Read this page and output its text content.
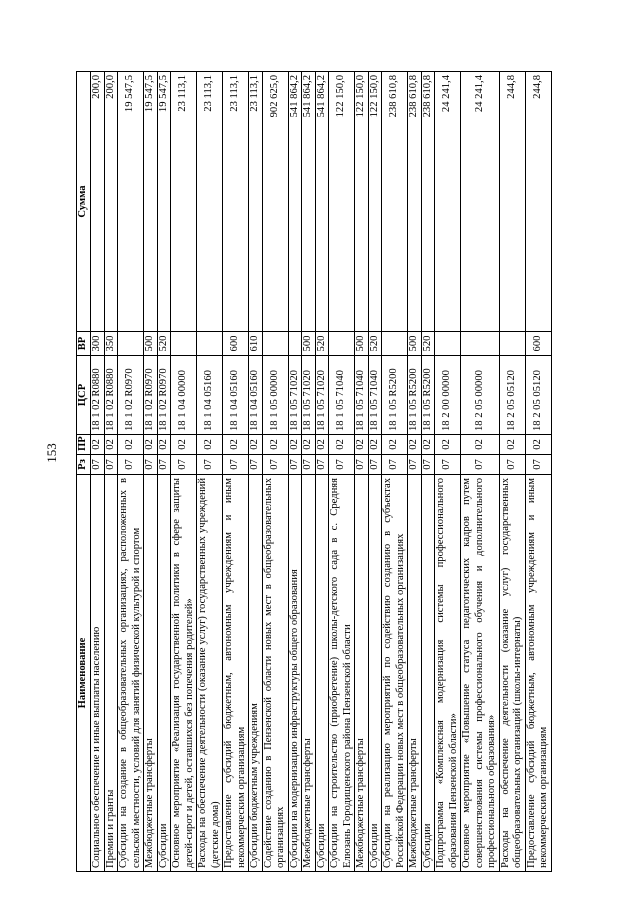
153
Наименование	Рз	ПР	ЦСР	ВР	Сумма
Социальное обеспечение и иные выплаты населению	07	02	18 1 02 R0880	300	200,0
Премии и гранты	07	02	18 1 02 R0880	350	200,0
Субсидии на создание в общеобразовательных организациях, расположенных в сельской местности, условий для занятий физической культурой и спортом	07	02	18 1 02 R0970		19 547,5
Межбюджетные трансферты	07	02	18 1 02 R0970	500	19 547,5
Субсидии	07	02	18 1 02 R0970	520	19 547,5
Основное мероприятие «Реализация государственной политики в сфере защиты детей-сирот и детей, оставшихся без попечения родителей»	07	02	18 1 04 00000		23 113,1
Расходы на обеспечение деятельности (оказание услуг) государственных учреждений (детские дома)	07	02	18 1 04 05160		23 113,1
Предоставление субсидий бюджетным, автономным учреждениям и иным некоммерческим организациям	07	02	18 1 04 05160	600	23 113,1
Субсидии бюджетным учреждениям	07	02	18 1 04 05160	610	23 113,1
Содействие созданию в Пензенской области новых мест в общеобразовательных организациях	07	02	18 1 05 00000		902 625,0
Субсидии на модернизацию инфраструктуры общего образования	07	02	18 1 05 71020		541 864,2
Межбюджетные трансферты	07	02	18 1 05 71020	500	541 864,2
Субсидии	07	02	18 1 05 71020	520	541 864,2
Субсидии на строительство (приобретение) школы-детского сада в с. Средняя Елюзань Городищенского района Пензенской области	07	02	18 1 05 71040		122 150,0
Межбюджетные трансферты	07	02	18 1 05 71040	500	122 150,0
Субсидии	07	02	18 1 05 71040	520	122 150,0
Субсидии на реализацию мероприятий по содействию созданию в субъектах Российской Федерации новых мест в общеобразовательных организациях	07	02	18 1 05 R5200		238 610,8
Межбюджетные трансферты	07	02	18 1 05 R5200	500	238 610,8
Субсидии	07	02	18 1 05 R5200	520	238 610,8
Подпрограмма «Комплексная модернизация системы профессионального образования Пензенской области»	07	02	18 2 00 00000		24 241,4
Основное мероприятие «Повышение статуса педагогических кадров путем совершенствования системы профессионального обучения и дополнительного профессионального образования»	07	02	18 2 05 00000		24 241,4
Расходы на обеспечение деятельности (оказание услуг) государственных общеобразовательных организаций (школы-интернаты)	07	02	18 2 05 05120		244,8
Предоставление субсидий бюджетным, автономным учреждениям и иным некоммерческим организациям	07	02	18 2 05 05120	600	244,8
